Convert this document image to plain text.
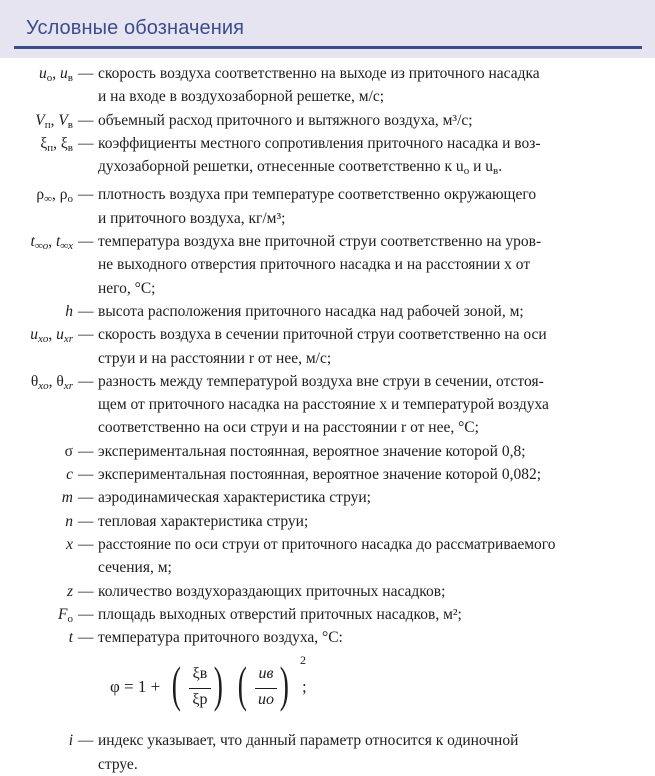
Условные обозначения
$u_о$, $u_в$ — скорость воздуха соответственно на выходе из приточного насадка
и на входе в воздухозаборной решетке, м/с;
$V_п$, $V_в$ — объемный расход приточного и вытяжного воздуха, м³/с;
$\xi_п$, $\xi_в$ — коэффициенты местного сопротивления приточного насадка и воз-
духозаборной решетки, отнесенные соответственно к $u_о$ и $u_в$.
$\rho_\infty$, $\rho_о$ — плотность воздуха при температуре соответственно окружающего
и приточного воздуха, кг/м³;
$t_{\infty о}$, $t_{\infty x}$ — температура воздуха вне приточной струи соответственно на уров-
не выходного отверстия приточного насадка и на расстоянии x от
него, °С;
h — высота расположения приточного насадка над рабочей зоной, м;
$u_{xо}$, $u_{xr}$ — скорость воздуха в сечении приточной струи соответственно на оси
струи и на расстоянии r от нее, м/с;
$\theta_{xо}$, $\theta_{xr}$ — разность между температурой воздуха вне струи в сечении, отстоя-
щем от приточного насадка на расстояние x и температурой воздуха
соответственно на оси струи и на расстоянии r от нее, °С;
σ — экспериментальная постоянная, вероятное значение которой 0,8;
c — экспериментальная постоянная, вероятное значение которой 0,082;
m — аэродинамическая характеристика струи;
n — тепловая характеристика струи;
x — расстояние по оси струи от приточного насадка до рассматриваемого
сечения, м;
z — количество воздухораздающих приточных насадков;
$F_о$ — площадь выходных отверстий приточных насадков, м²;
t — температура приточного воздуха, °С:
φ = 1 + ( ξв
ξр ) ( uв
uо ) 2
;
i — индекс указывает, что данный параметр относится к одиночной
струе.
